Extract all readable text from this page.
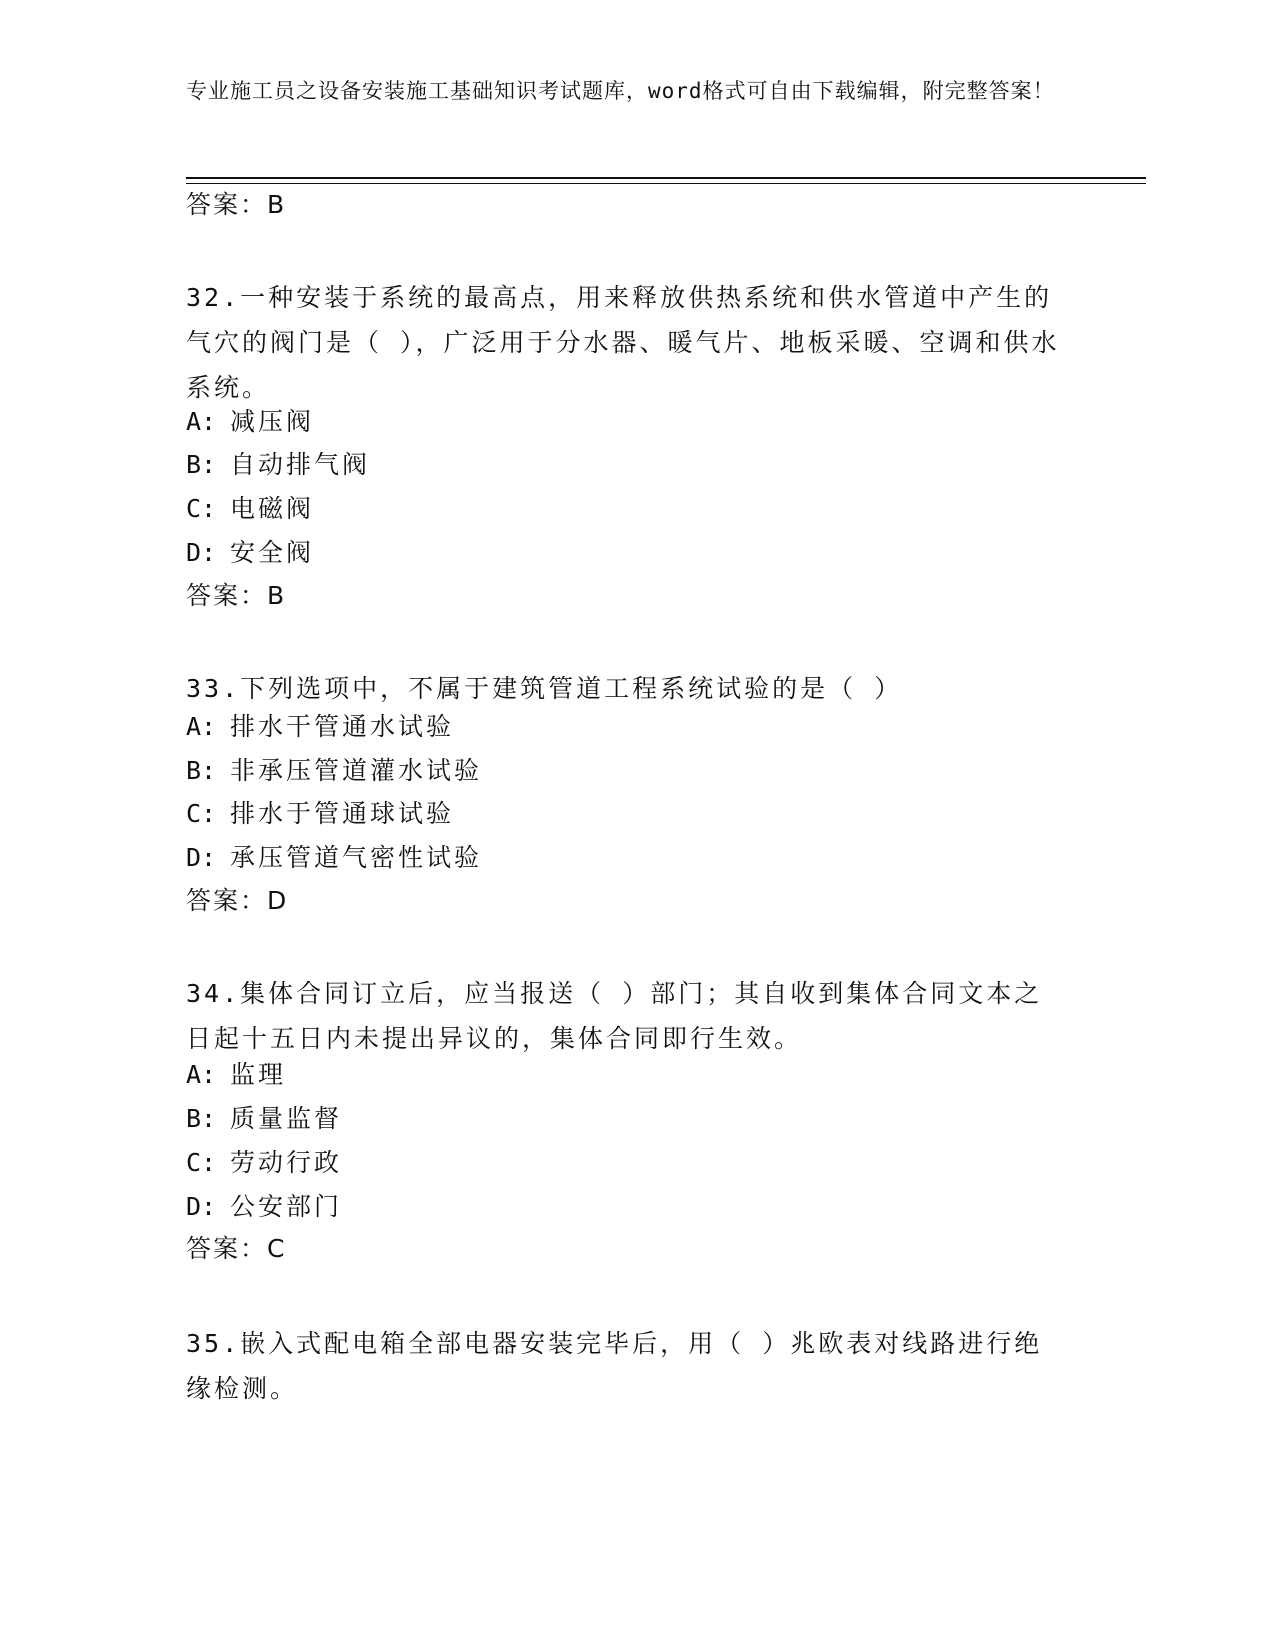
专业施工员之设备安装施工基础知识考试题库，word格式可自由下载编辑，附完整答案！
答案：B
32.一种安装于系统的最高点，用来释放供热系统和供水管道中产生的气穴的阀门是（ ），广泛用于分水器、暖气片、地板采暖、空调和供水系统。
A: 减压阀
B: 自动排气阀
C: 电磁阀
D: 安全阀
答案：B
33.下列选项中，不属于建筑管道工程系统试验的是（ ）
A: 排水干管通水试验
B: 非承压管道灌水试验
C: 排水于管通球试验
D: 承压管道气密性试验
答案：D
34.集体合同订立后，应当报送（ ）部门；其自收到集体合同文本之日起十五日内未提出异议的，集体合同即行生效。
A: 监理
B: 质量监督
C: 劳动行政
D: 公安部门
答案：C
35.嵌入式配电箱全部电器安装完毕后，用（ ）兆欧表对线路进行绝缘检测。
